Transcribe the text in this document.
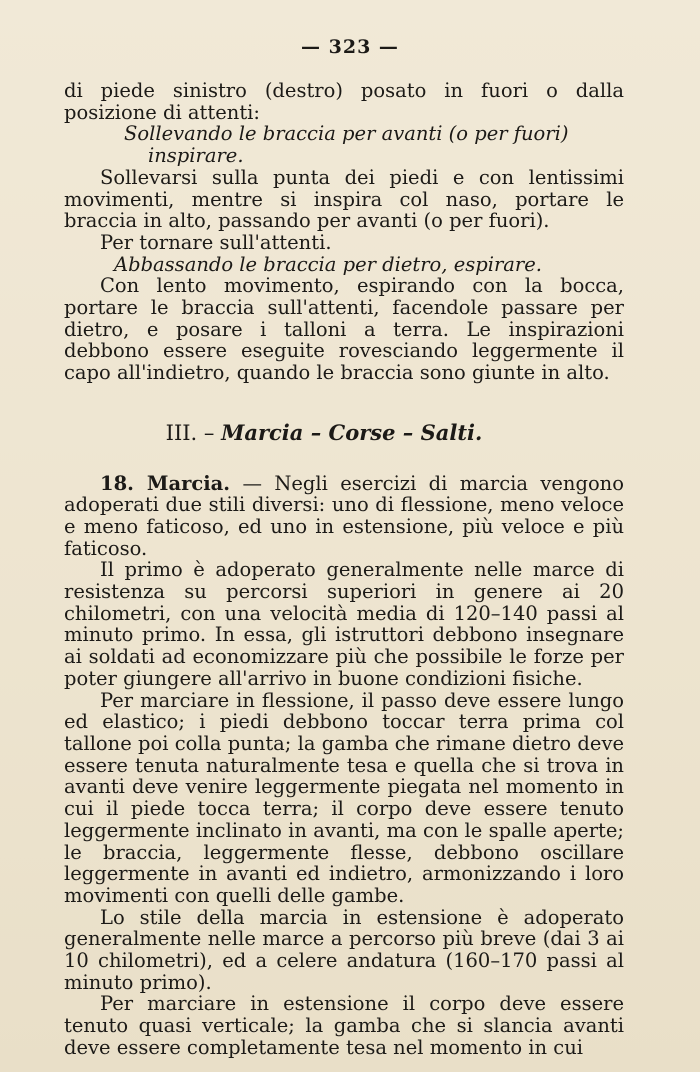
— 323 —

di piede sinistro (destro) posato in fuori o dalla posizione di attenti:

Sollevando le braccia per avanti (o per fuori)
inspirare.

Sollevarsi sulla punta dei piedi e con lentissimi movimenti, mentre si inspira col naso, portare le braccia in alto, passando per avanti (o per fuori).

Per tornare sull'attenti.

Abbassando le braccia per dietro, espirare.

Con lento movimento, espirando con la bocca, portare le braccia sull'attenti, facendole passare per dietro, e posare i talloni a terra. Le inspirazioni debbono essere eseguite rovesciando leggermente il capo all'indietro, quando le braccia sono giunte in alto.

III. – Marcia – Corse – Salti.

18. Marcia. — Negli esercizi di marcia vengono adoperati due stili diversi: uno di flessione, meno veloce e meno faticoso, ed uno in estensione, più veloce e più faticoso.

Il primo è adoperato generalmente nelle marce di resistenza su percorsi superiori in genere ai 20 chilometri, con una velocità media di 120–140 passi al minuto primo. In essa, gli istruttori debbono insegnare ai soldati ad economizzare più che possibile le forze per poter giungere all'arrivo in buone condizioni fisiche.

Per marciare in flessione, il passo deve essere lungo ed elastico; i piedi debbono toccar terra prima col tallone poi colla punta; la gamba che rimane dietro deve essere tenuta naturalmente tesa e quella che si trova in avanti deve venire leggermente piegata nel momento in cui il piede tocca terra; il corpo deve essere tenuto leggermente inclinato in avanti, ma con le spalle aperte; le braccia, leggermente flesse, debbono oscillare leggermente in avanti ed indietro, armonizzando i loro movimenti con quelli delle gambe.

Lo stile della marcia in estensione è adoperato generalmente nelle marce a percorso più breve (dai 3 ai 10 chilometri), ed a celere andatura (160–170 passi al minuto primo).

Per marciare in estensione il corpo deve essere tenuto quasi verticale; la gamba che si slancia avanti deve essere completamente tesa nel momento in cui
